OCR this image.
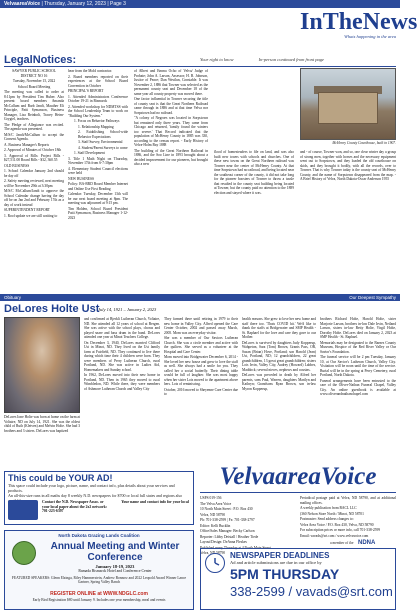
VelvaareaVoice | Thursday, January 12, 2023 | Page 3
InTheNews
Whats happening in the area
LegalNotices:	Your right to know	In-person continued from front page

SAWYER PUBLIC SCHOOL DISTRICT NO 16

Tuesday, November 15, 2022

School Board Meeting

The meeting was called to order at 8:11pm by President Tim Huber. Also present: board members Amanda McCallum and Barb Jandt, Mauther Eli Principle, Patti Symanson, Business Manager, Lisa Reinbolt, Tracey Heim-Grygiel, teachers.

The Pledge of Allegiance was recited. The agenda was presented.

M/S/C Jandt/McCallum to accept the Consent Agenda.

A. Business Manager's Reports

2. Approval of Minutes of October 18th

3. Approval of Bills: Project Bills - $27,511.00 Board Bills - $32, 360.55

OLD BUSINESS

1. School Calendar January 2nd should be day off

2. Safety meeting reviewed, next meeting will be November 29th at 3:30pm

M/S/C McCallum/Jandt to approve the School Calendar change having the day off be on Jan 2nd and February 17th as a day of work instead

SUPERINTENDENT REPORT

1. Roof update we are still waiting to

hear from the Mold contractor.

2. Board members reported on their experiences at the School Board Convention in October

PRINCIPAL'S REPORT

1. Attended Administrators Conference October 19-21 in Bismarck

2. Attended workshop for NDMTSS with the School Leadership Team to work on "Building Our System."

1. Focus on Behavior Pathways

1. Relationship Mapping

2. Establishing School-wide Behavior Expectations

3. Staff Survey, Environmental

4. Student/Parent Surveys to come

1. Staff Development

3. Title 1 Math Night on Thursday, November 17th from 6-7:30pm

4. Elementary Student Council elections were held

NEW BUSINESS

Policy: BA-BRD Board Member Internet and Online Use First Reading

Calendar: Tuesday, December 13th will be our next board meeting at 8pm. The meeting was adjourned at 9:15 pm.

Tim Holden, School Board President Patti Symanson, Business Manager 1-12-2023

of Albert and Emma Ocho of Velva/ Judge of Probate; John A. Larson, Assessor; H. B. Johnson, Justice of Peace; Dan Westlun, Constable. It was November 2, 1886 that Towner was selected as the permanent county seat and December 18 of the same year all county property was moved there.

One factor influential in Towner securing the title of county seat is that the Great Northern Railroad came through in 1886 and at that time Velva nor Sorpstown had no railroad.

"A colony of Negroes was located in Sorpstown but remained only three years. They came from Chicago and returned, 'family found the winters too severe.' That Record indicated that the population of McHenry County in 1885 was 330, according to the census report. - Early History of Velva-Holm Bay 1888

The building of the Great Northern Railroad in 1886, and the Soo Line in 1893 brought about a decided improvement for our pioneers, but brought also a new

flood of homesteaders to file on land, and was also built new towns with schools and churches. One of these new towns on the Great Northern railroad was Towner near the center of McHenry County. At that time Sorpstown had no railroad, and being located near the southeast corner of the county, it did not take long for the pioneer boosters of Towner to throw a tussle that resulted in the county seat building being located at Towner, but the county paid no attention to the 1889 election and stayed where it was.

and - of course, Towner won, and so, one clear winter day a group of strong men, together with horses and the necessary equipment went out to Sorpstown, and they loaded the old courthouse on skids, and they brought it bodily, with all the records, over to Towner. That is why Towner today is the county seat of McHenry County, and the name of Sorpstown disappeared from the map. - A Brief History of Velva, North Dakota-Oscar Anderson 1955

McHenry County Courthouse, built in 1907.
Obituary	Our Deepest Sympathy
DeLores Holte Ust
July 14, 1921 – January 2, 2023

DeLores Ione Holte was born at home on the farm at Voltaire, ND on July 14, 1921. She was the oldest child of Ruth (Kleiven) and Melvin Holte. She had 3 brothers and 3 sisters. DeLores was baptized

and confirmed at Bjerkli Lutheran Church, Voltaire, ND. She attended all 12 years of school at Bergen. She was active with the school plays, chorus and played snare and bass drum in the band. DeLores attended one year at Minot Teachers College.

On December 3, 1940, DeLores married Clifford Ust in Minot, ND. They lived on the Ust family farm at Fairfield, ND. They continued to live there during which time their 4 children were born. They were members of Perry Lutheran Church, rural Portland, ND. She was active in Ladies Aid, Homemakers and Sunday school.

In 1962, DeLores moved into their new home in Portland, ND. Then in 1965 they moved to rural Wimbledon, ND. While there, they were members of Ashmore Lutheran Church and Valley City

They farmed there until retiring in 1979 to their new home in Valley City. Alfred opened the Care Center October, 2002 and passed away March, 2005. Mom was an everyday visitor.

She was a member of Our Saviors Lutheran Church. She was a circle member and active with the quilters. She served as a volunteer at the Hospital and Care Center.

Mom moved into Bridgewater December 6, 2014 - She loved her new house and grew to love the staff as well. She always had a smile for you. They called her a social butterfly. Their dining table would be full of laughter. She was most happy when her sister Lois moved to the apartment above hers. Lots of reminiscing.

October, 2016 moved to Sheyenne Care Center due to

health reasons. She grew to love her new home and staff there too. 'Thats COVID hit.' We'd like to thank the staffs at Bridgewater and SMP Health - St. Raphael for the love and care they gave to our Mother.

DeLores is survived by daughters Judy Kopperup, Wahpeton, Sara (Tom) Brown, Grants Pass, OR, Susan (Brian) Hove, Portland; son Harold (Jean) Ust, Portland, ND; 12 grandchildren, 22 great grandchildren, 13 great great grandchildren; sisters Lois Irvin, Valley City, Audrey (Howard) Labbes, Maddock; several nieces, nephews and cousins.

DeLores was preceded in death by Alfred her parents, sons Paul, Warren, daughters Marilyn and Kathryn; Grandsons Ryan Brown, son in-law Myron Kopperup,

brothers Richard Holte, Harold Holte, sister Marjorie Larson, brothers in-law Dale Irvin, Neiland Larson, sisters in-law Betty Holte, Virgil Holte, Dorothy Holte. DeLores died on January 2, 2023 at SMP Health - St. Raphael.

Memorials may be designated to the Barnes County Museum, Hospice of the Red River Valley or Our Savior's Foundation.

The funeral service will be 2 pm Tuesday, January 10, at Our Savior's Lutheran Church, Valley City. Visitation will be noon until the time of the service. Burial will be in the spring at Perry Cemetery, rural Portland, North Dakota.

Funeral arrangements have been entrusted to the care of the Oliver-Nathan Funeral Chapel, Valley City. An online guestbook is available at www.oliverandnathanchapel.com

This could be YOUR AD!
This space could include your logo, picture, name, and contact info, plus details about your services and products.
An all-this-size runs in all maths day 8 weekly N.D. newspapers for $700 or local full states and regions also
Contact the N.D. Newspaper Assoc. or your local paper about the 2x2 network: 701-223-6397
Your name and contact info for your local
North Dakota Grazing Lands Coalition
Annual Meeting and Winter Conference
January 18-19, 2023
Ramada Bismarck Hotel and Conference Center
FEATURED SPEAKERS: Glenn Elzinga, Riley Hammerstein, Andrew Bonnow and 2022 Leopold Award Winner Lance Gartner, Spring Valley Ranch
REGISTER ONLINE at WWW.NDGLC.com
Early Bird Registration $80 until January 9. Includes one year membership, meal and events
VelvaareaVoice

USPS 019-156

The Velva Area Voice

10 North Main Street : P.O. Box 430

Velva, ND 58790

Ph: 701-338-2599 | Fx: 701-338-2797

Editor: Kelli Bucklin

Office/Sales Manager: Becky Carlson

Reporter: Libby Deistall / Heather Tiede

Layout/Design: DeAnna Fleskes

Published every Thursday at 4 North Main Street

Velva, ND 58790

Periodical postage paid at Velva, ND 58790, and at additional mailing offices.

A weekly publication from BACL LLC

(360 Nelson Store North / Minot, ND 58701

Postmaster: Send address changes to:

Velva Area Voice / P.O. Box 430, Velva, ND 58790

For subscription prices or more info, call 701-338-2599

Email: vavads@srt.com / www.velvavoice.com

a member of the NDNA
NEWSPAPER DEADLINES
Ad and article submissions are due in our office by
5PM THURSDAY
338-2599 / vavads@srt.com
